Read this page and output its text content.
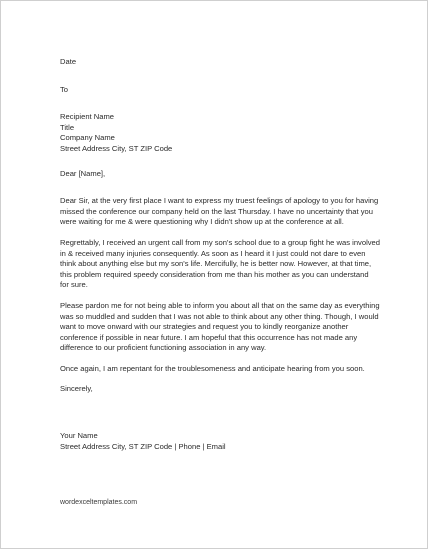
Date
To
Recipient Name
Title
Company Name
Street Address City, ST ZIP Code
Dear [Name],
Dear Sir, at the very first place I want to express my truest feelings of apology to you for having
missed the conference our company held on the last Thursday. I have no uncertainty that you
were waiting for me & were questioning why I didn't show up at the conference at all.
Regrettably, I received an urgent call from my son's school due to a group fight he was involved
in & received many injuries consequently. As soon as I heard it I just could not dare to even
think about anything else but my son's life. Mercifully, he is better now. However, at that time,
this problem required speedy consideration from me than his mother as you can understand
for sure.
Please pardon me for not being able to inform you about all that on the same day as everything
was so muddled and sudden that I was not able to think about any other thing. Though, I would
want to move onward with our strategies and request you to kindly reorganize another
conference if possible in near future. I am hopeful that this occurrence has not made any
difference to our proficient functioning association in any way.
Once again, I am repentant for the troublesomeness and anticipate hearing from you soon.
Sincerely,
Your Name
Street Address City, ST ZIP Code | Phone | Email
wordexceltemplates.com
